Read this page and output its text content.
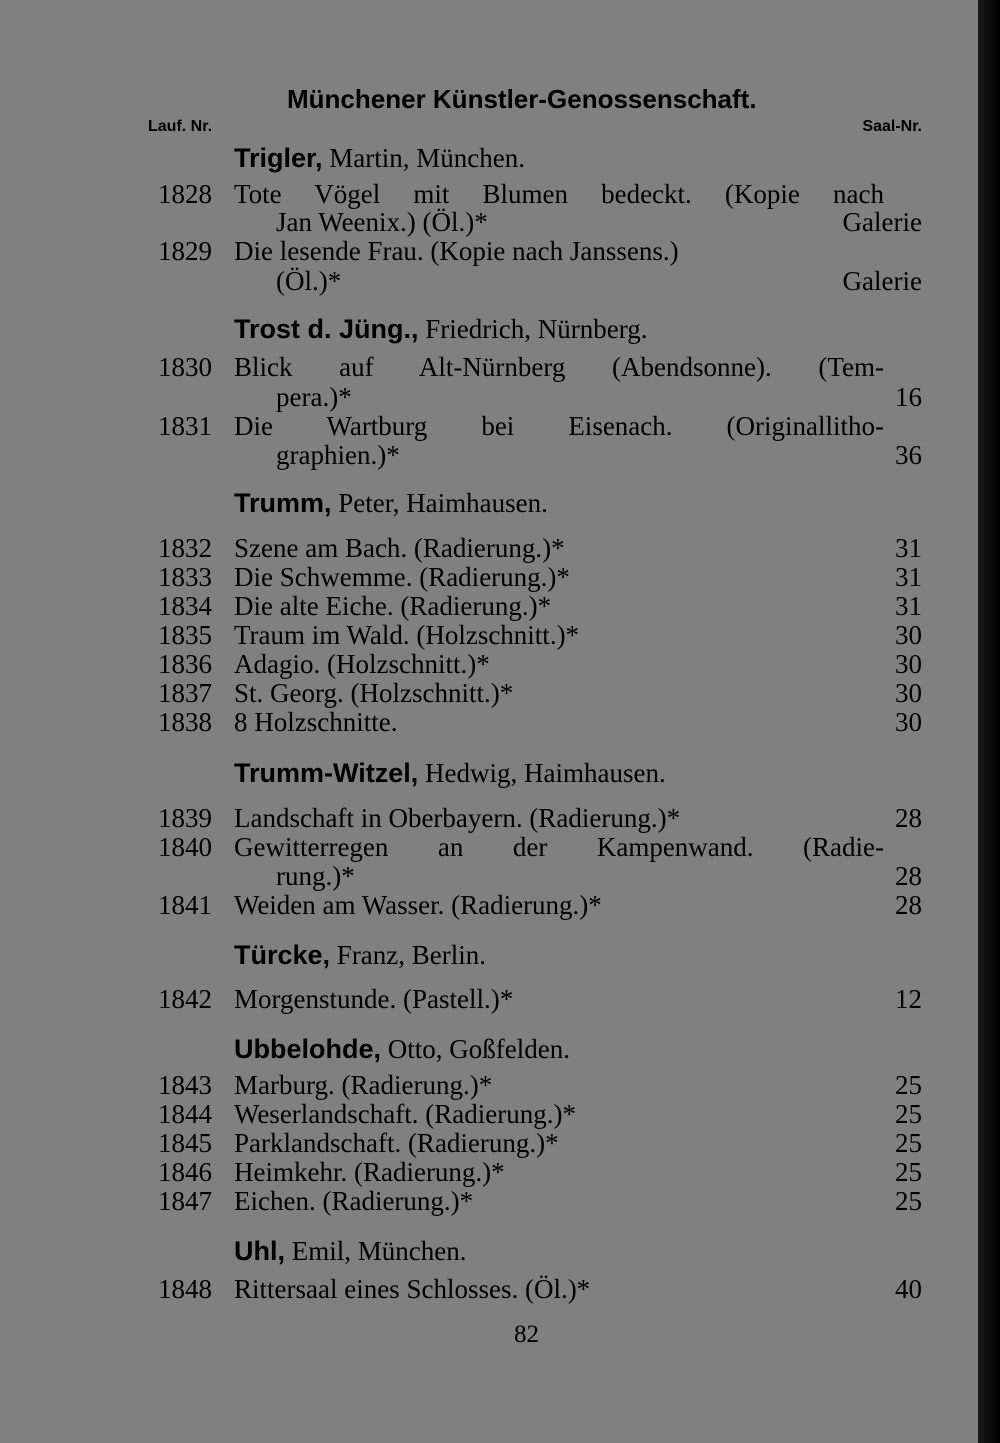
Münchener Künstler-Genossenschaft.
Lauf. Nr.	Saal-Nr.
Trigler, Martin, München.
1828 Tote Vögel mit Blumen bedeckt. (Kopie nach
Jan Weenix.) (Öl.)*	Galerie
1829 Die lesende Frau. (Kopie nach Janssens.)
(Öl.)*	Galerie
Trost d. Jüng., Friedrich, Nürnberg.
1830 Blick auf Alt-Nürnberg (Abendsonne). (Tem-
pera.)*	16
1831 Die Wartburg bei Eisenach. (Originallitho-
graphien.)*	36
Trumm, Peter, Haimhausen.
1832 Szene am Bach. (Radierung.)*	31
1833 Die Schwemme. (Radierung.)*	31
1834 Die alte Eiche. (Radierung.)*	31
1835 Traum im Wald. (Holzschnitt.)*	30
1836 Adagio. (Holzschnitt.)*	30
1837 St. Georg. (Holzschnitt.)*	30
1838 8 Holzschnitte.	30
Trumm-Witzel, Hedwig, Haimhausen.
1839 Landschaft in Oberbayern. (Radierung.)*	28
1840 Gewitterregen an der Kampenwand. (Radie-
rung.)*	28
1841 Weiden am Wasser. (Radierung.)*	28
Türcke, Franz, Berlin.
1842 Morgenstunde. (Pastell.)*	12
Ubbelohde, Otto, Goßfelden.
1843 Marburg. (Radierung.)*	25
1844 Weserlandschaft. (Radierung.)*	25
1845 Parklandschaft. (Radierung.)*	25
1846 Heimkehr. (Radierung.)*	25
1847 Eichen. (Radierung.)*	25
Uhl, Emil, München.
1848 Rittersaal eines Schlosses. (Öl.)*	40
82
